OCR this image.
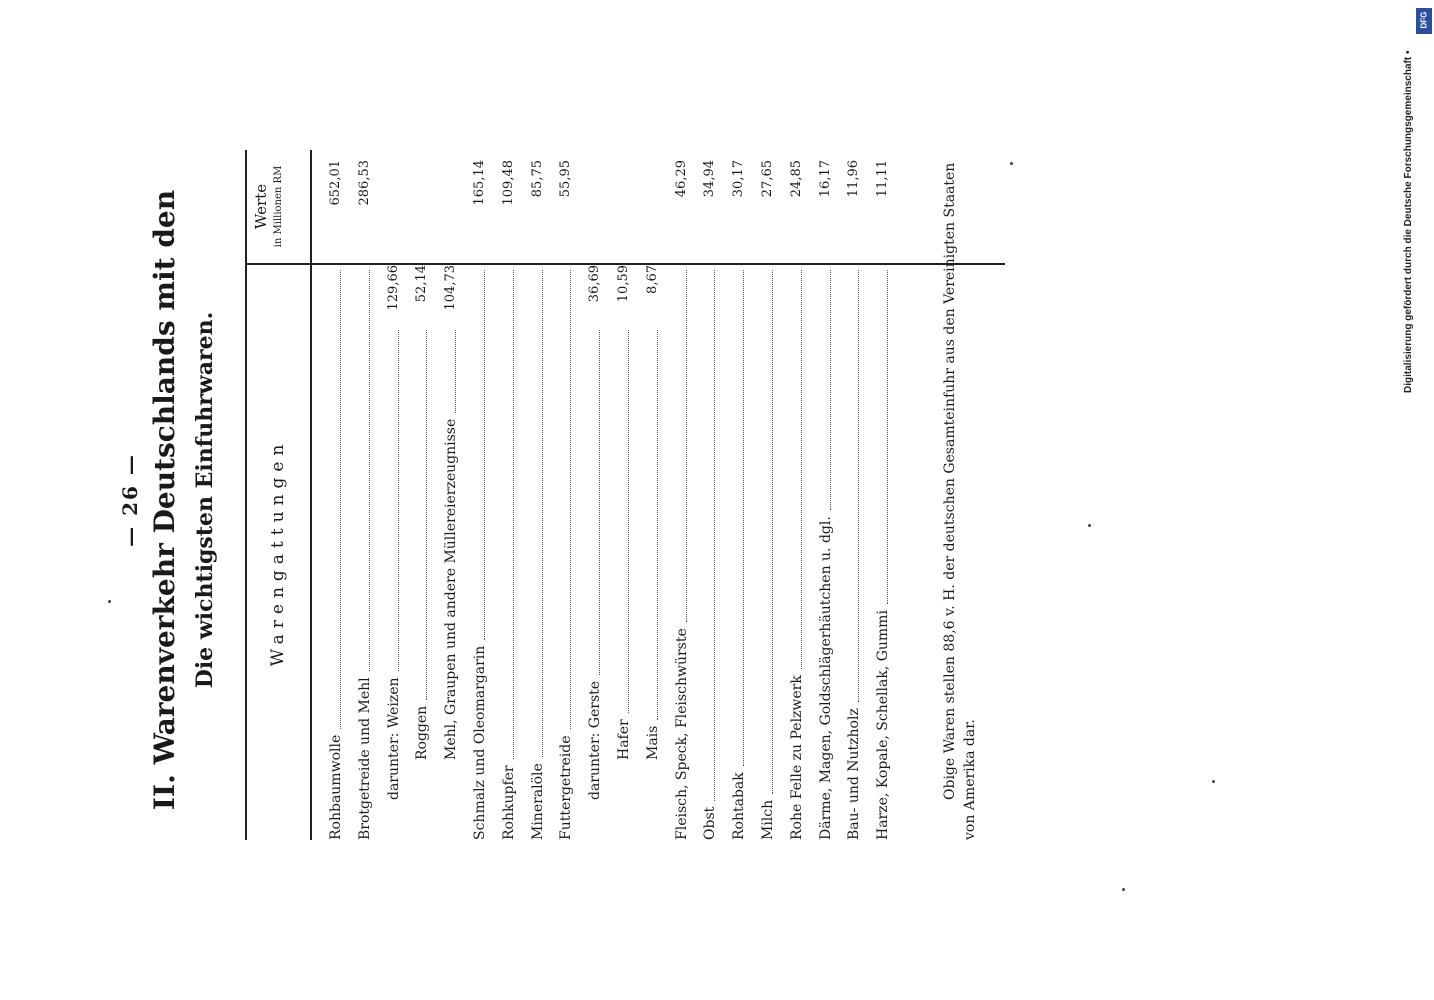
— 26 — II. Warenverkehr Deutschlands mit den Die wichtigsten Einfuhrwaren.	Warengattungen
Werte in Millionen RM
Rohbaumwolle
652,01
Brotgetreide und Mehl
286,53
darunter: Weizen
129,66
Roggen
52,14
Mehl, Graupen und andere Müllereierzeugnisse
104,73
Schmalz und Oleomargarin
165,14
Rohkupfer
109,48
Mineralöle
85,75
Futtergetreide
55,95
darunter: Gerste
36,69
Hafer
10,59
Mais
8,67
Fleisch, Speck, Fleischwürste
46,29
Obst
34,94
Rohtabak
30,17
Milch
27,65
Rohe Felle zu Pelzwerk
24,85
Därme, Magen, Goldschlägerhäutchen u. dgl.
16,17
Bau- und Nutzholz
11,96
Harze, Kopale, Schellak, Gummi
11,11	Obige Waren stellen 88,6 v. H. der deutschen Gesamteinfuhr aus den Vereinigten Staaten von Amerika dar.
DFG
Digitalisierung gefördert durch die Deutsche Forschungsgemeinschaft •
